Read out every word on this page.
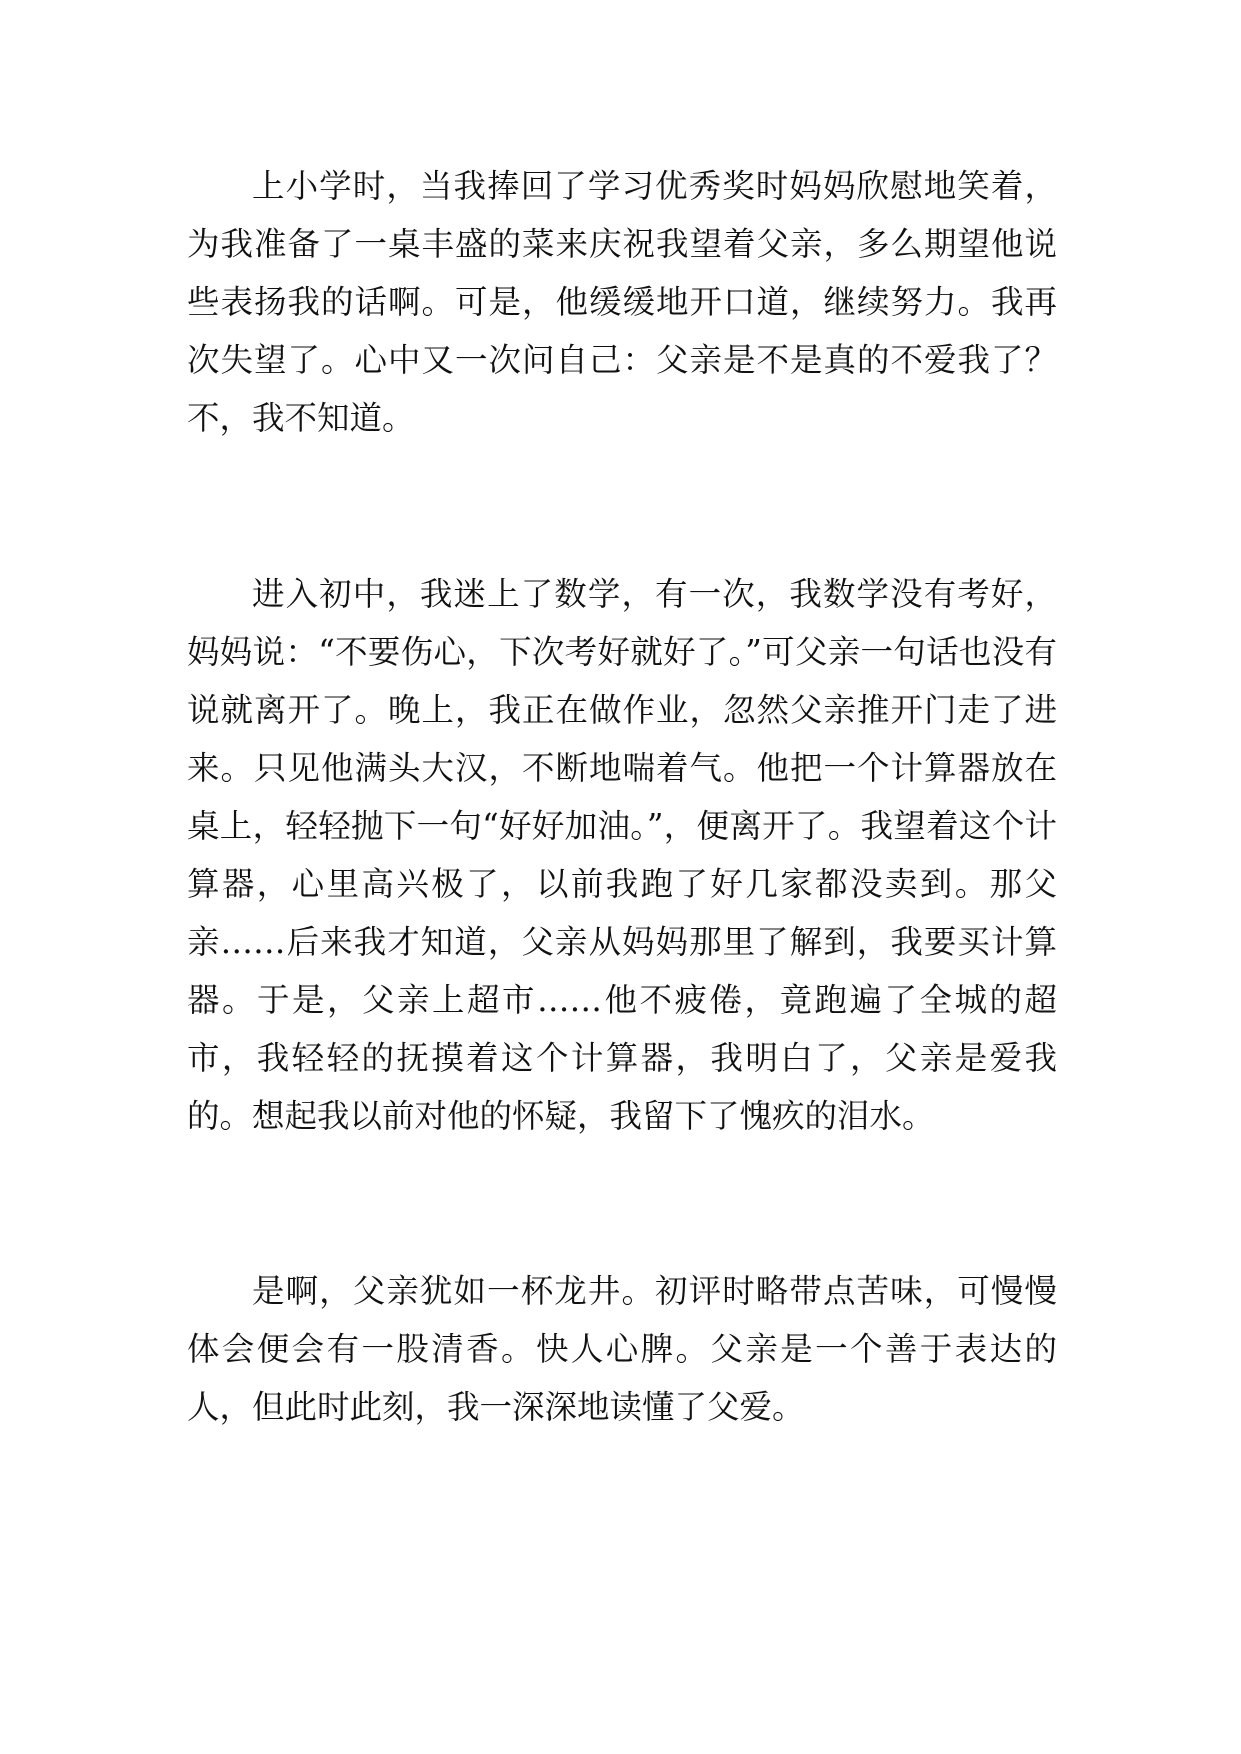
上小学时，当我捧回了学习优秀奖时妈妈欣慰地笑着，为我准备了一桌丰盛的菜来庆祝我望着父亲，多么期望他说些表扬我的话啊。可是，他缓缓地开口道，继续努力。我再次失望了。心中又一次问自己：父亲是不是真的不爱我了？不，我不知道。

进入初中，我迷上了数学，有一次，我数学没有考好，妈妈说：“不要伤心，下次考好就好了。”可父亲一句话也没有说就离开了。晚上，我正在做作业，忽然父亲推开门走了进来。只见他满头大汉，不断地喘着气。他把一个计算器放在桌上，轻轻抛下一句“好好加油。”，便离开了。我望着这个计算器，心里高兴极了，以前我跑了好几家都没卖到。那父亲……后来我才知道，父亲从妈妈那里了解到，我要买计算器。于是，父亲上超市……他不疲倦，竟跑遍了全城的超市，我轻轻的抚摸着这个计算器，我明白了，父亲是爱我的。想起我以前对他的怀疑，我留下了愧疚的泪水。

是啊，父亲犹如一杯龙井。初评时略带点苦味，可慢慢体会便会有一股清香。快人心脾。父亲是一个善于表达的人，但此时此刻，我一深深地读懂了父爱。
